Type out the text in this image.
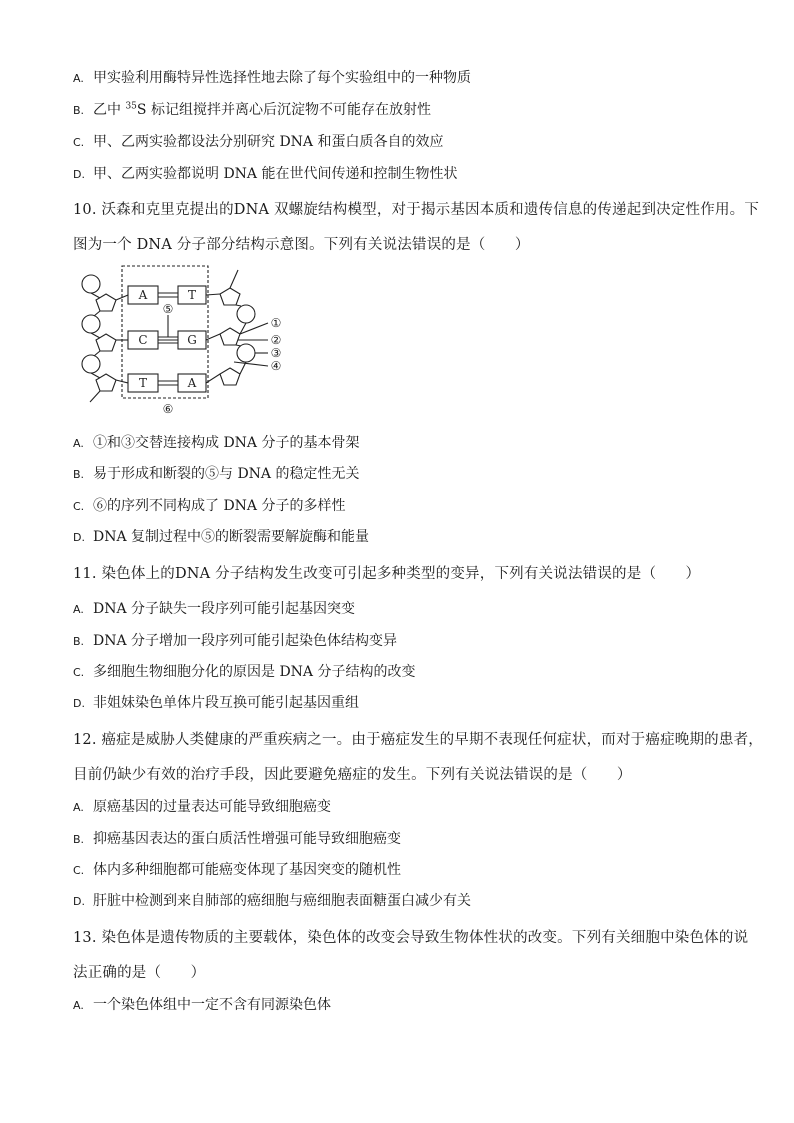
A. 甲实验利用酶特异性选择性地去除了每个实验组中的一种物质
B. 乙中 $^{35}$S 标记组搅拌并离心后沉淀物不可能存在放射性
C. 甲、乙两实验都设法分别研究 DNA 和蛋白质各自的效应
D. 甲、乙两实验都说明 DNA 能在世代间传递和控制生物性状
10. 沃森和克里克提出的DNA 双螺旋结构模型，对于揭示基因本质和遗传信息的传递起到决定性作用。下
图为一个 DNA 分子部分结构示意图。下列有关说法错误的是（　　）
A	T
C	G
T	A
⑤
⑥
①
②
③
④
A. ①和③交替连接构成 DNA 分子的基本骨架
B. 易于形成和断裂的⑤与 DNA 的稳定性无关
C. ⑥的序列不同构成了 DNA 分子的多样性
D. DNA 复制过程中⑤的断裂需要解旋酶和能量
11. 染色体上的DNA 分子结构发生改变可引起多种类型的变异，下列有关说法错误的是（　　）
A. DNA 分子缺失一段序列可能引起基因突变
B. DNA 分子增加一段序列可能引起染色体结构变异
C. 多细胞生物细胞分化的原因是 DNA 分子结构的改变
D. 非姐妹染色单体片段互换可能引起基因重组
12. 癌症是威胁人类健康的严重疾病之一。由于癌症发生的早期不表现任何症状，而对于癌症晚期的患者，
目前仍缺少有效的治疗手段，因此要避免癌症的发生。下列有关说法错误的是（　　）
A. 原癌基因的过量表达可能导致细胞癌变
B. 抑癌基因表达的蛋白质活性增强可能导致细胞癌变
C. 体内多种细胞都可能癌变体现了基因突变的随机性
D. 肝脏中检测到来自肺部的癌细胞与癌细胞表面糖蛋白减少有关
13. 染色体是遗传物质的主要载体，染色体的改变会导致生物体性状的改变。下列有关细胞中染色体的说
法正确的是（　　）
A. 一个染色体组中一定不含有同源染色体
